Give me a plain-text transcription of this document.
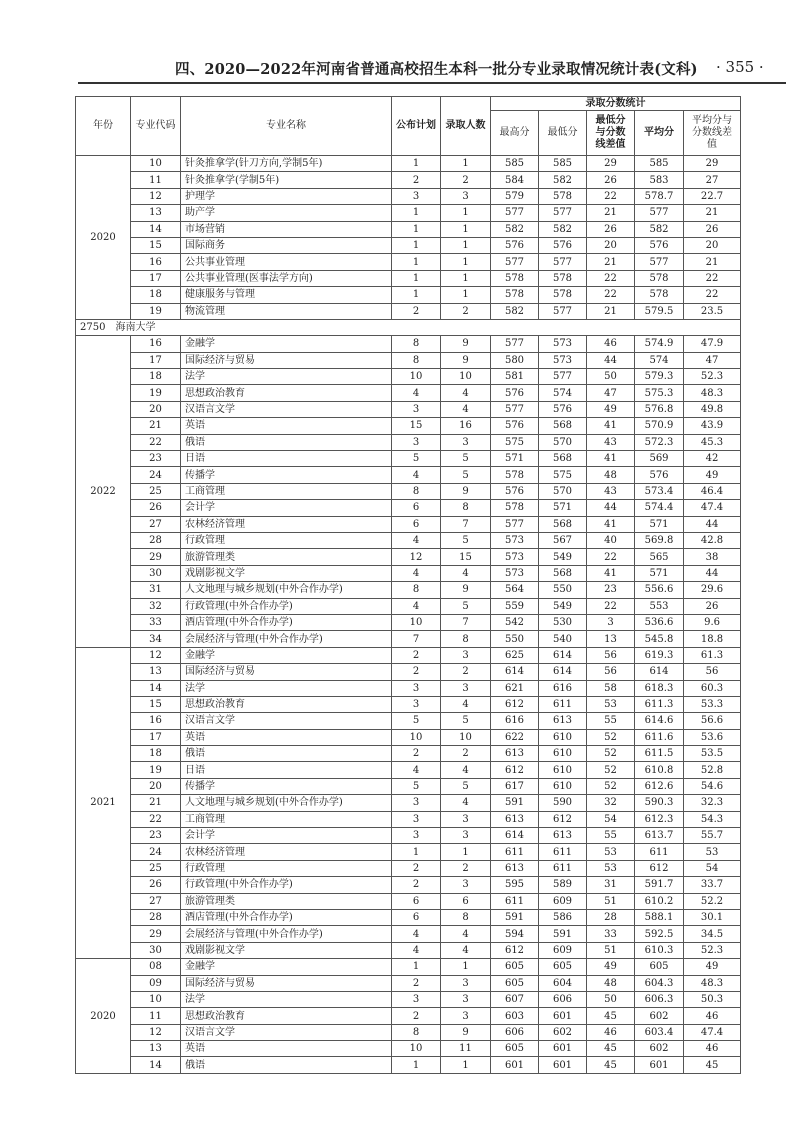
四、2020—2022年河南省普通高校招生本科一批分专业录取情况统计表(文科) · 355 ·
年份	专业代码	专业名称	公布计划	录取人数	录取分数统计				
					最高分	最低分	最低分与分数线差值	平均分	平均分与分数线差值
2020	10	针灸推拿学(针刀方向,学制5年)	1	1	585	585	29	585	29
	11	针灸推拿学(学制5年)	2	2	584	582	26	583	27
	12	护理学	3	3	579	578	22	578.7	22.7
	13	助产学	1	1	577	577	21	577	21
	14	市场营销	1	1	582	582	26	582	26
	15	国际商务	1	1	576	576	20	576	20
	16	公共事业管理	1	1	577	577	21	577	21
	17	公共事业管理(医事法学方向)	1	1	578	578	22	578	22
	18	健康服务与管理	1	1	578	578	22	578	22
	19	物流管理	2	2	582	577	21	579.5	23.5
2750　海南大学									
2022	16	金融学	8	9	577	573	46	574.9	47.9
	17	国际经济与贸易	8	9	580	573	44	574	47
	18	法学	10	10	581	577	50	579.3	52.3
	19	思想政治教育	4	4	576	574	47	575.3	48.3
	20	汉语言文学	3	4	577	576	49	576.8	49.8
	21	英语	15	16	576	568	41	570.9	43.9
	22	俄语	3	3	575	570	43	572.3	45.3
	23	日语	5	5	571	568	41	569	42
	24	传播学	4	5	578	575	48	576	49
	25	工商管理	8	9	576	570	43	573.4	46.4
	26	会计学	6	8	578	571	44	574.4	47.4
	27	农林经济管理	6	7	577	568	41	571	44
	28	行政管理	4	5	573	567	40	569.8	42.8
	29	旅游管理类	12	15	573	549	22	565	38
	30	戏剧影视文学	4	4	573	568	41	571	44
	31	人文地理与城乡规划(中外合作办学)	8	9	564	550	23	556.6	29.6
	32	行政管理(中外合作办学)	4	5	559	549	22	553	26
	33	酒店管理(中外合作办学)	10	7	542	530	3	536.6	9.6
	34	会展经济与管理(中外合作办学)	7	8	550	540	13	545.8	18.8
2021	12	金融学	2	3	625	614	56	619.3	61.3
	13	国际经济与贸易	2	2	614	614	56	614	56
	14	法学	3	3	621	616	58	618.3	60.3
	15	思想政治教育	3	4	612	611	53	611.3	53.3
	16	汉语言文学	5	5	616	613	55	614.6	56.6
	17	英语	10	10	622	610	52	611.6	53.6
	18	俄语	2	2	613	610	52	611.5	53.5
	19	日语	4	4	612	610	52	610.8	52.8
	20	传播学	5	5	617	610	52	612.6	54.6
	21	人文地理与城乡规划(中外合作办学)	3	4	591	590	32	590.3	32.3
	22	工商管理	3	3	613	612	54	612.3	54.3
	23	会计学	3	3	614	613	55	613.7	55.7
	24	农林经济管理	1	1	611	611	53	611	53
	25	行政管理	2	2	613	611	53	612	54
	26	行政管理(中外合作办学)	2	3	595	589	31	591.7	33.7
	27	旅游管理类	6	6	611	609	51	610.2	52.2
	28	酒店管理(中外合作办学)	6	8	591	586	28	588.1	30.1
	29	会展经济与管理(中外合作办学)	4	4	594	591	33	592.5	34.5
	30	戏剧影视文学	4	4	612	609	51	610.3	52.3
2020	08	金融学	1	1	605	605	49	605	49
	09	国际经济与贸易	2	3	605	604	48	604.3	48.3
	10	法学	3	3	607	606	50	606.3	50.3
	11	思想政治教育	2	3	603	601	45	602	46
	12	汉语言文学	8	9	606	602	46	603.4	47.4
	13	英语	10	11	605	601	45	602	46
	14	俄语	1	1	601	601	45	601	45
